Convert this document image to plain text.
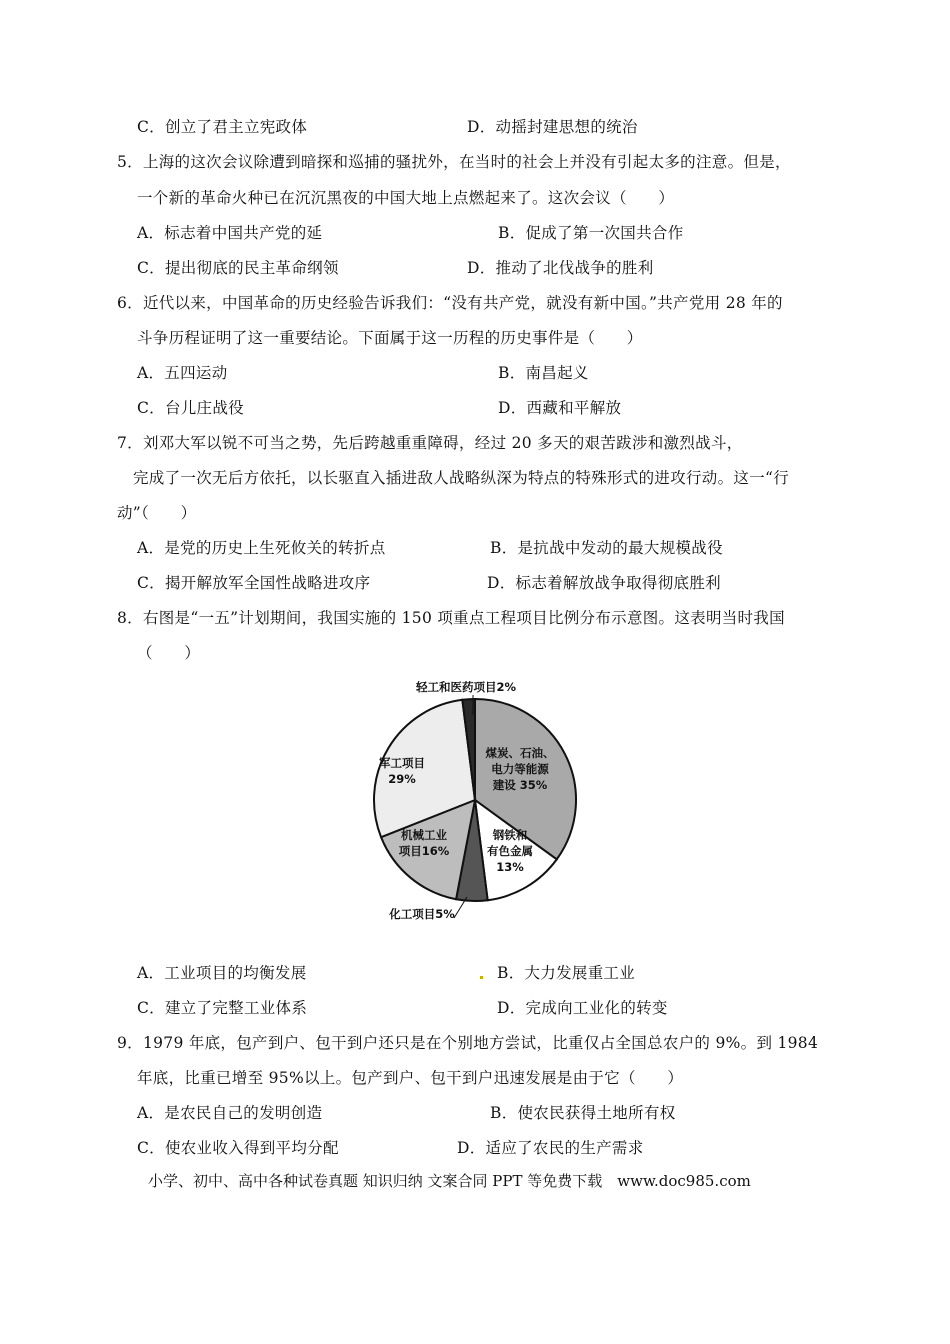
C．创立了君主立宪政体	D．动摇封建思想的统治
5．上海的这次会议除遭到暗探和巡捕的骚扰外，在当时的社会上并没有引起太多的注意。但是，
一个新的革命火种已在沉沉黑夜的中国大地上点燃起来了。这次会议（　　）
A．标志着中国共产党的延	B．促成了第一次国共合作
C．提出彻底的民主革命纲领	D．推动了北伐战争的胜利
6．近代以来，中国革命的历史经验告诉我们：“没有共产党，就没有新中国。”共产党用 28 年的
斗争历程证明了这一重要结论。下面属于这一历程的历史事件是（　　）
A．五四运动	B．南昌起义
C．台儿庄战役	D．西藏和平解放
7．刘邓大军以锐不可当之势，先后跨越重重障碍，经过 20 多天的艰苦跋涉和激烈战斗，
完成了一次无后方依托，以长驱直入插进敌人战略纵深为特点的特殊形式的进攻行动。这一“行
动”（　　）
A．是党的历史上生死攸关的转折点	B．是抗战中发动的最大规模战役
C．揭开解放军全国性战略进攻序	D．标志着解放战争取得彻底胜利
8．右图是“一五”计划期间，我国实施的 150 项重点工程项目比例分布示意图。这表明当时我国
（　　）
煤炭、石油、电力等能源建设 35%
钢铁和有色金属 13%
化工项目5%
机械工业项目16%
军工项目 29%
轻工和医药项目2%
A．工业项目的均衡发展	B．大力发展重工业
C．建立了完整工业体系	D．完成向工业化的转变
9．1979 年底，包产到户、包干到户还只是在个别地方尝试，比重仅占全国总农户的 9%。到 1984
年底，比重已增至 95%以上。包产到户、包干到户迅速发展是由于它（　　）
A．是农民自己的发明创造	B．使农民获得土地所有权
C．使农业收入得到平均分配	D．适应了农民的生产需求
小学、初中、高中各种试卷真题 知识归纳 文案合同 PPT 等免费下载　www.doc985.com
